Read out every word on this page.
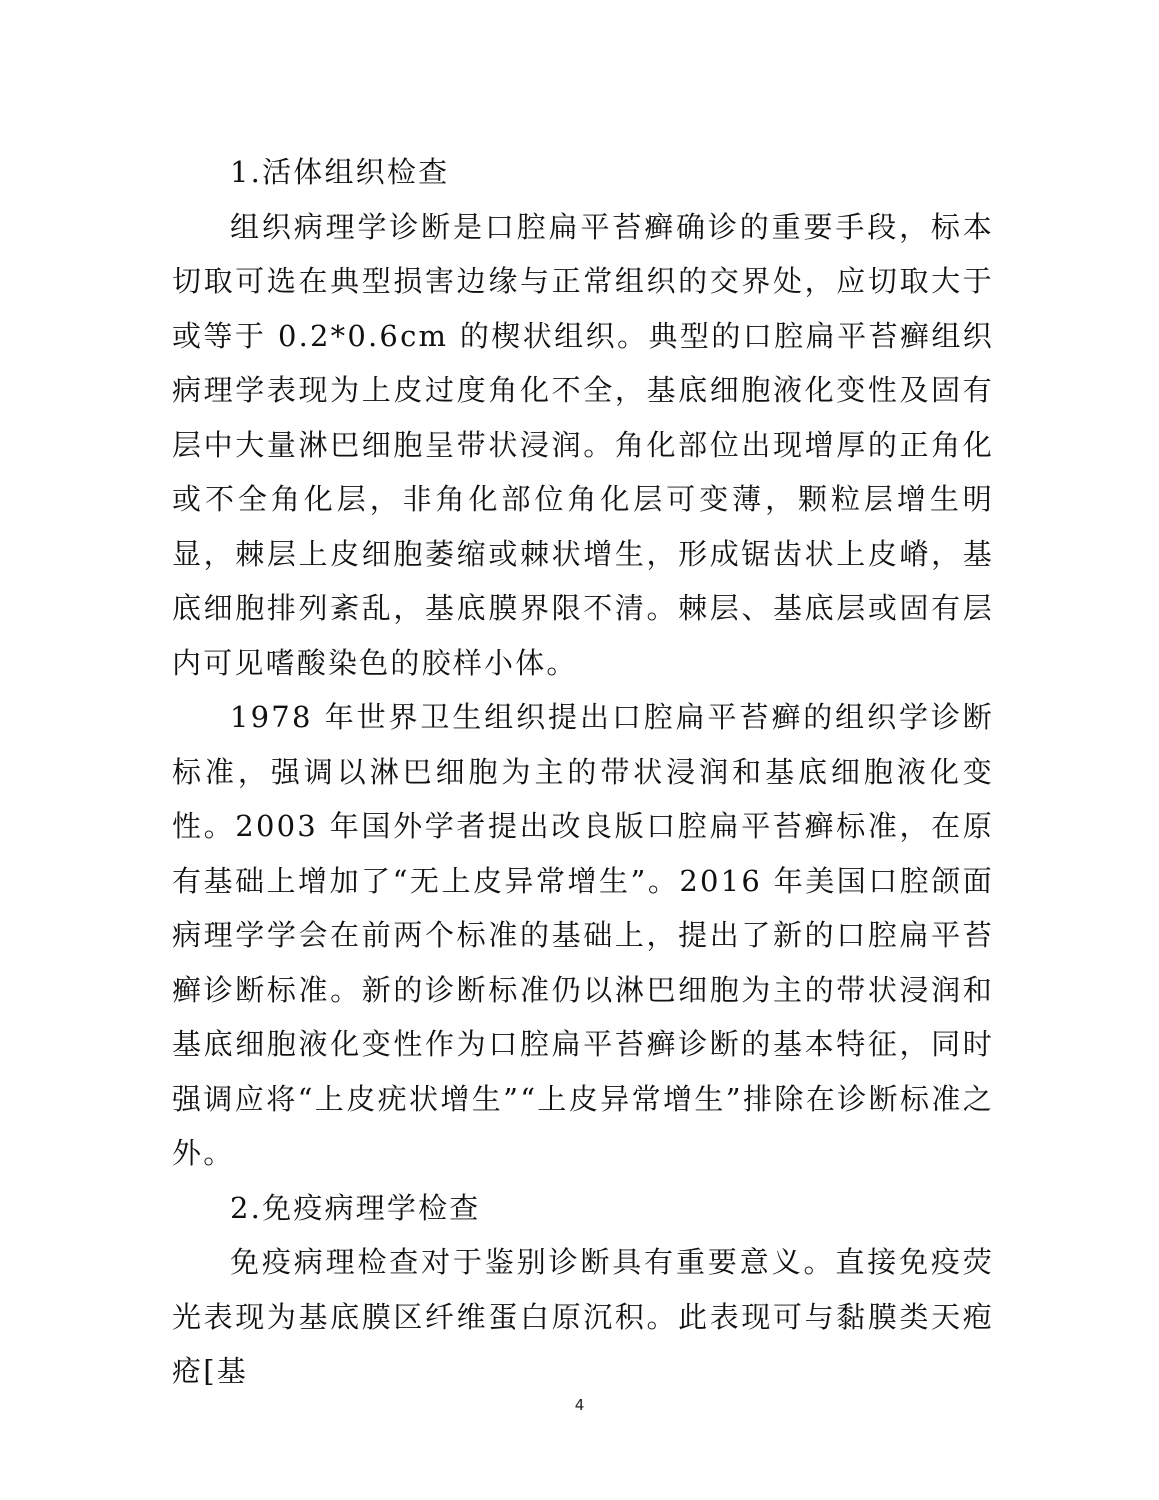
1.活体组织检查

组织病理学诊断是口腔扁平苔癣确诊的重要手段，标本切取可选在典型损害边缘与正常组织的交界处，应切取大于或等于 0.2*0.6cm 的楔状组织。典型的口腔扁平苔癣组织病理学表现为上皮过度角化不全，基底细胞液化变性及固有层中大量淋巴细胞呈带状浸润。角化部位出现增厚的正角化或不全角化层，非角化部位角化层可变薄，颗粒层增生明显，棘层上皮细胞萎缩或棘状增生，形成锯齿状上皮嵴，基底细胞排列紊乱，基底膜界限不清。棘层、基底层或固有层内可见嗜酸染色的胶样小体。

1978 年世界卫生组织提出口腔扁平苔癣的组织学诊断标准，强调以淋巴细胞为主的带状浸润和基底细胞液化变性。2003 年国外学者提出改良版口腔扁平苔癣标准，在原有基础上增加了“无上皮异常增生”。2016 年美国口腔颌面病理学学会在前两个标准的基础上，提出了新的口腔扁平苔癣诊断标准。新的诊断标准仍以淋巴细胞为主的带状浸润和基底细胞液化变性作为口腔扁平苔癣诊断的基本特征，同时强调应将“上皮疣状增生”“上皮异常增生”排除在诊断标准之外。

2.免疫病理学检查

免疫病理检查对于鉴别诊断具有重要意义。直接免疫荧光表现为基底膜区纤维蛋白原沉积。此表现可与黏膜类天疱疮[基

4
